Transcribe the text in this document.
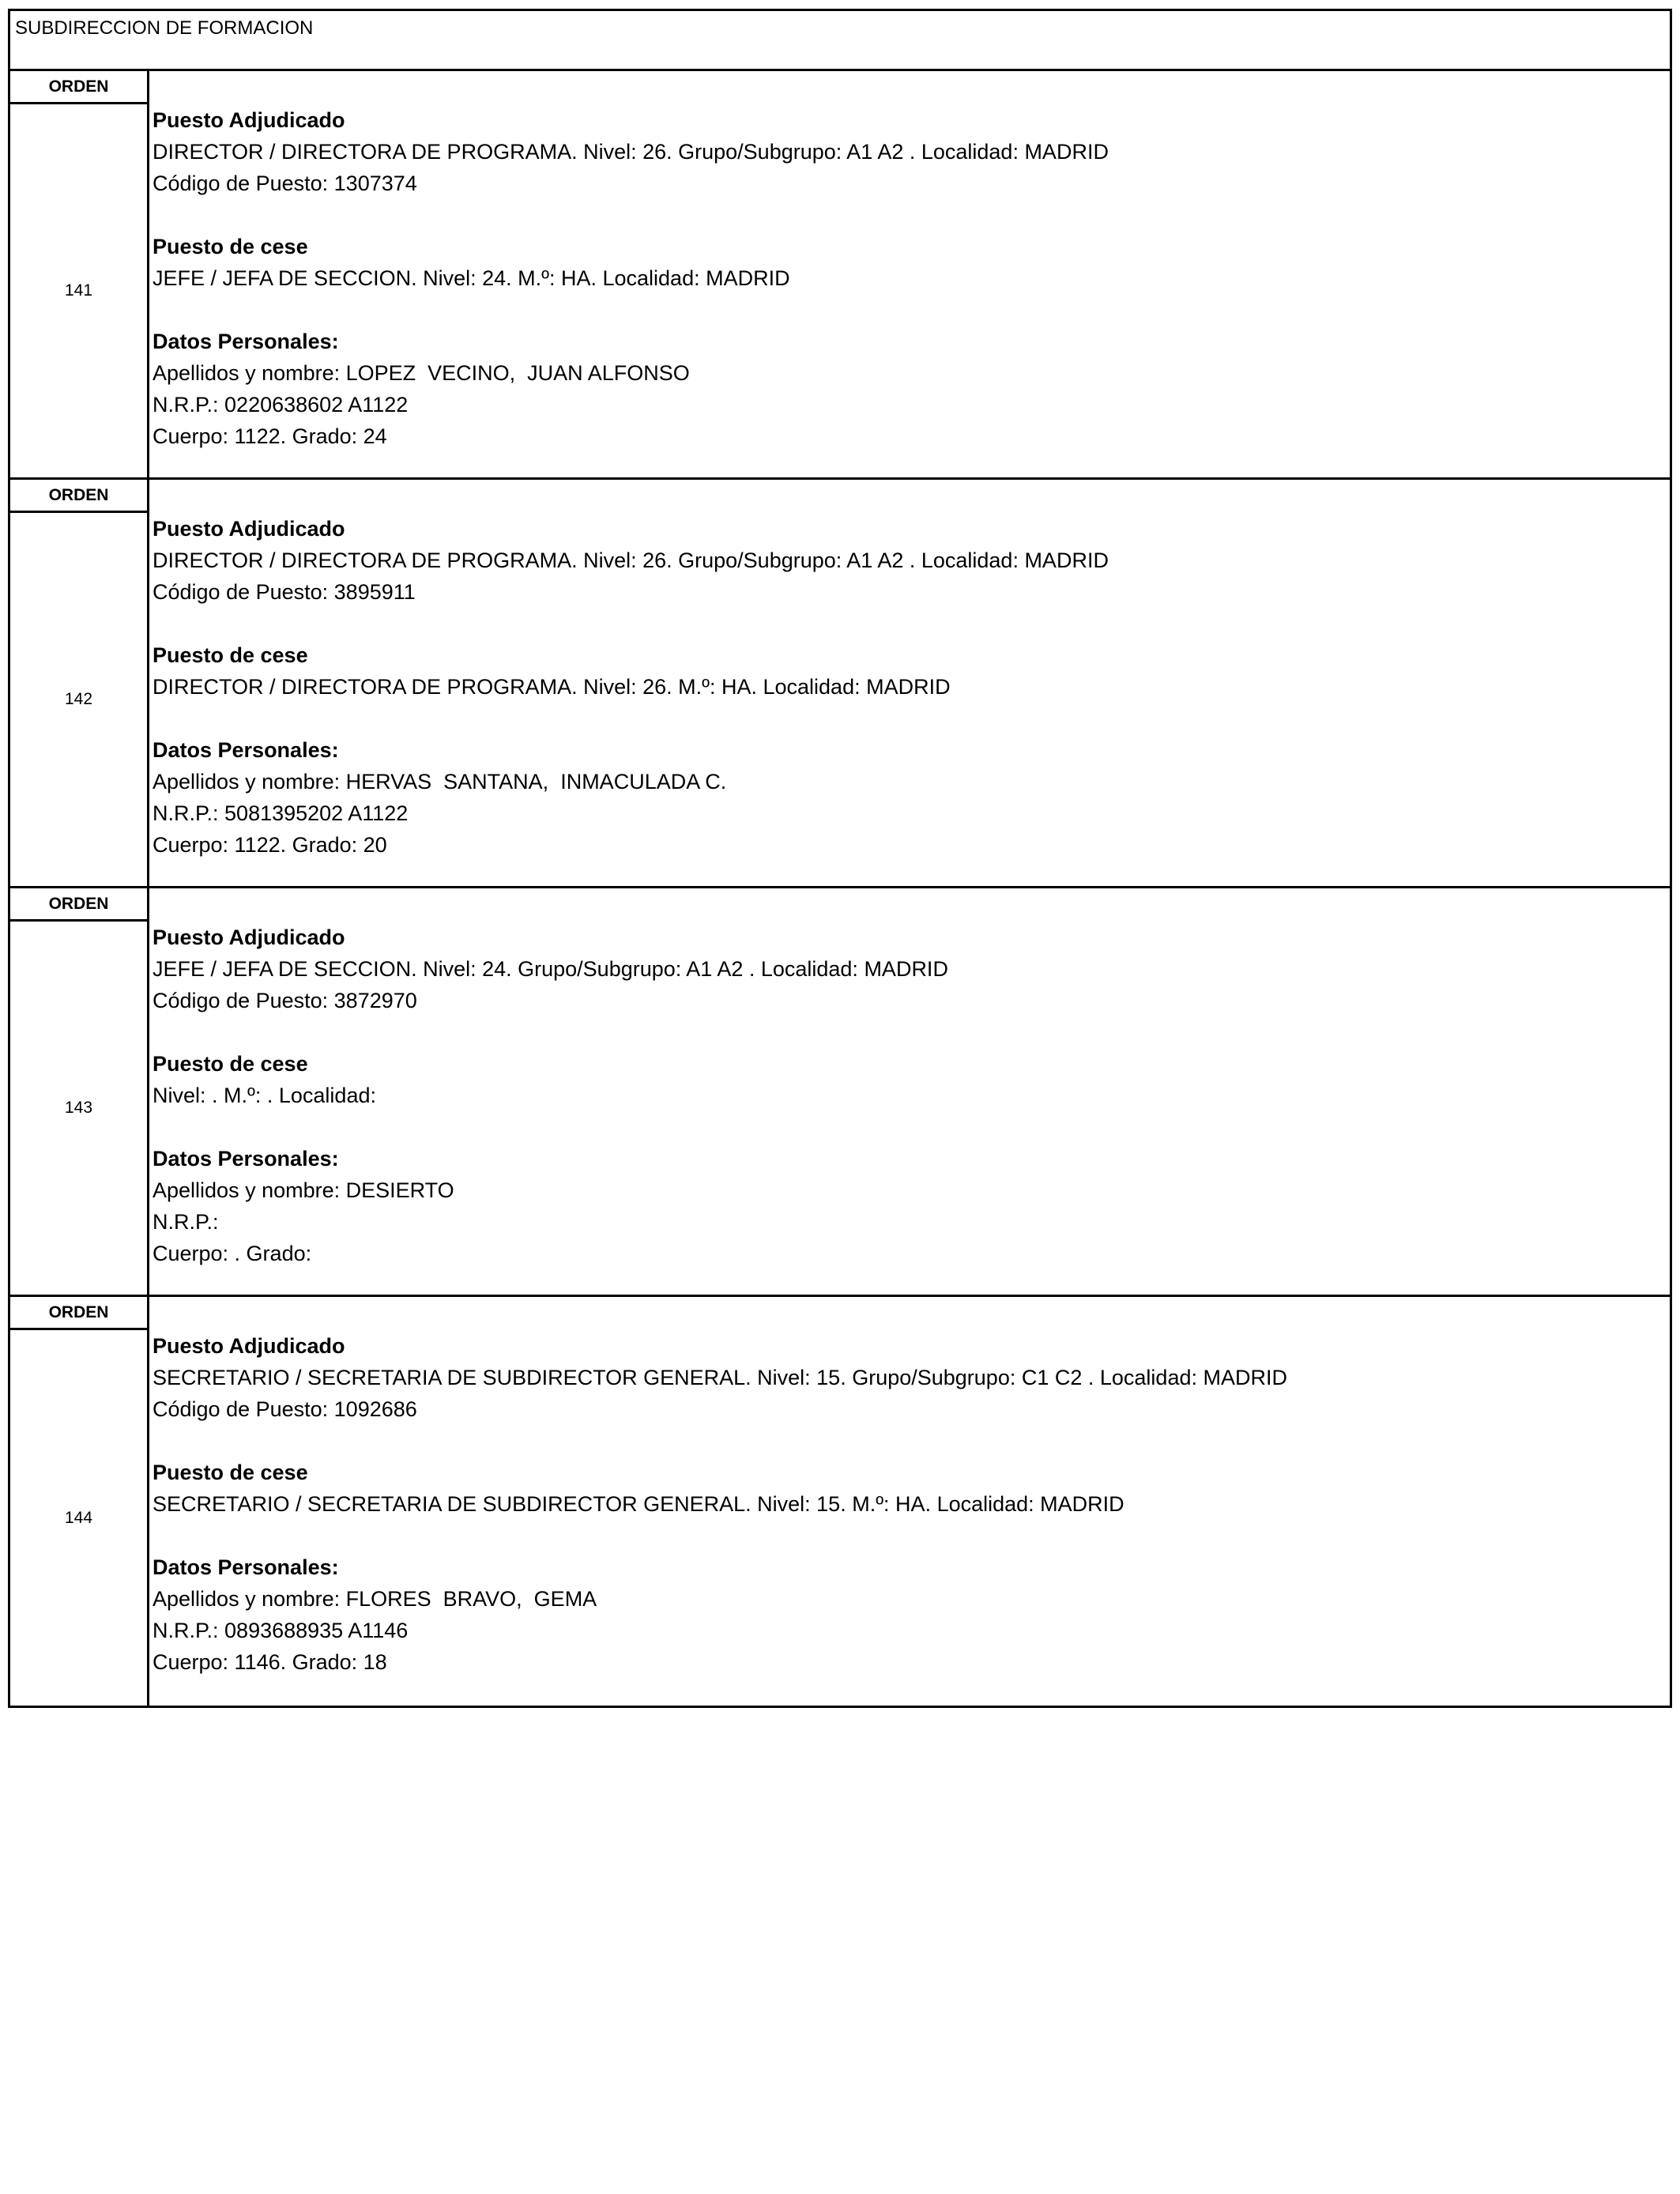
SUBDIRECCION DE FORMACION
ORDEN
141
Puesto Adjudicado
DIRECTOR / DIRECTORA DE PROGRAMA. Nivel: 26. Grupo/Subgrupo: A1 A2 . Localidad: MADRID
Código de Puesto: 1307374
Puesto de cese
JEFE / JEFA DE SECCION. Nivel: 24. M.º: HA. Localidad: MADRID
Datos Personales:
Apellidos y nombre: LOPEZ  VECINO,  JUAN ALFONSO
N.R.P.: 0220638602 A1122
Cuerpo: 1122. Grado: 24
ORDEN
142
Puesto Adjudicado
DIRECTOR / DIRECTORA DE PROGRAMA. Nivel: 26. Grupo/Subgrupo: A1 A2 . Localidad: MADRID
Código de Puesto: 3895911
Puesto de cese
DIRECTOR / DIRECTORA DE PROGRAMA. Nivel: 26. M.º: HA. Localidad: MADRID
Datos Personales:
Apellidos y nombre: HERVAS  SANTANA,  INMACULADA C.
N.R.P.: 5081395202 A1122
Cuerpo: 1122. Grado: 20
ORDEN
143
Puesto Adjudicado
JEFE / JEFA DE SECCION. Nivel: 24. Grupo/Subgrupo: A1 A2 . Localidad: MADRID
Código de Puesto: 3872970
Puesto de cese
Nivel: . M.º: . Localidad:
Datos Personales:
Apellidos y nombre: DESIERTO
N.R.P.:
Cuerpo: . Grado:
ORDEN
144
Puesto Adjudicado
SECRETARIO / SECRETARIA DE SUBDIRECTOR GENERAL. Nivel: 15. Grupo/Subgrupo: C1 C2 . Localidad: MADRID
Código de Puesto: 1092686
Puesto de cese
SECRETARIO / SECRETARIA DE SUBDIRECTOR GENERAL. Nivel: 15. M.º: HA. Localidad: MADRID
Datos Personales:
Apellidos y nombre: FLORES  BRAVO,  GEMA
N.R.P.: 0893688935 A1146
Cuerpo: 1146. Grado: 18
